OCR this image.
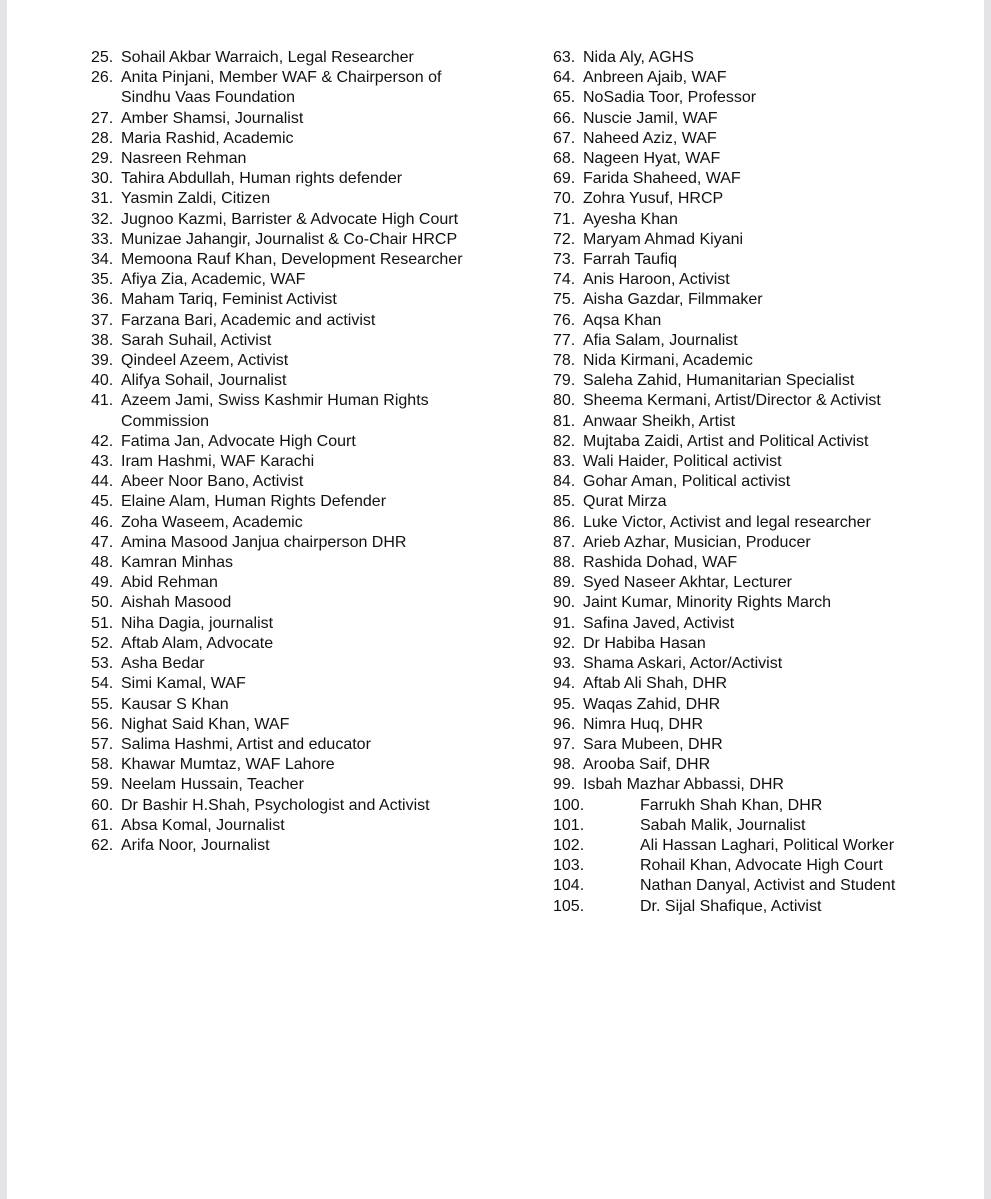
25. Sohail Akbar Warraich, Legal Researcher
26. Anita Pinjani, Member WAF & Chairperson of Sindhu Vaas Foundation
27. Amber Shamsi, Journalist
28. Maria Rashid, Academic
29. Nasreen Rehman
30. Tahira Abdullah, Human rights defender
31. Yasmin Zaldi, Citizen
32. Jugnoo Kazmi, Barrister & Advocate High Court
33. Munizae Jahangir, Journalist & Co-Chair HRCP
34. Memoona Rauf Khan, Development Researcher
35. Afiya Zia, Academic, WAF
36. Maham Tariq, Feminist Activist
37. Farzana Bari, Academic and activist
38. Sarah Suhail, Activist
39. Qindeel Azeem, Activist
40. Alifya Sohail, Journalist
41. Azeem Jami, Swiss Kashmir Human Rights Commission
42. Fatima Jan, Advocate High Court
43. Iram Hashmi, WAF Karachi
44. Abeer Noor Bano, Activist
45. Elaine Alam, Human Rights Defender
46. Zoha Waseem, Academic
47. Amina Masood Janjua chairperson DHR
48. Kamran Minhas
49. Abid Rehman
50. Aishah Masood
51. Niha Dagia, journalist
52. Aftab Alam, Advocate
53. Asha Bedar
54. Simi Kamal, WAF
55. Kausar S Khan
56. Nighat Said Khan, WAF
57. Salima Hashmi, Artist and educator
58. Khawar Mumtaz, WAF Lahore
59. Neelam Hussain, Teacher
60. Dr Bashir H.Shah, Psychologist and Activist
61. Absa Komal, Journalist
62. Arifa Noor, Journalist
63. Nida Aly, AGHS
64. Anbreen Ajaib, WAF
65. NoSadia Toor, Professor
66. Nuscie Jamil, WAF
67. Naheed Aziz, WAF
68. Nageen Hyat, WAF
69. Farida Shaheed, WAF
70. Zohra Yusuf, HRCP
71. Ayesha Khan
72. Maryam Ahmad Kiyani
73. Farrah Taufiq
74. Anis Haroon, Activist
75. Aisha Gazdar, Filmmaker
76. Aqsa Khan
77. Afia Salam, Journalist
78. Nida Kirmani, Academic
79. Saleha Zahid, Humanitarian Specialist
80. Sheema Kermani, Artist/Director & Activist
81. Anwaar Sheikh, Artist
82. Mujtaba Zaidi, Artist and Political Activist
83. Wali Haider, Political activist
84. Gohar Aman, Political activist
85. Qurat Mirza
86. Luke Victor, Activist and legal researcher
87. Arieb Azhar, Musician, Producer
88. Rashida Dohad, WAF
89. Syed Naseer Akhtar, Lecturer
90. Jaint Kumar, Minority Rights March
91. Safina Javed, Activist
92. Dr Habiba Hasan
93. Shama Askari, Actor/Activist
94. Aftab Ali Shah, DHR
95. Waqas Zahid, DHR
96. Nimra Huq, DHR
97. Sara Mubeen, DHR
98. Arooba Saif, DHR
99. Isbah Mazhar Abbassi, DHR
100.	Farrukh Shah Khan, DHR
101.	Sabah Malik, Journalist
102.	Ali Hassan Laghari, Political Worker
103.	Rohail Khan, Advocate High Court
104.	Nathan Danyal, Activist and Student
105.	Dr. Sijal Shafique, Activist
